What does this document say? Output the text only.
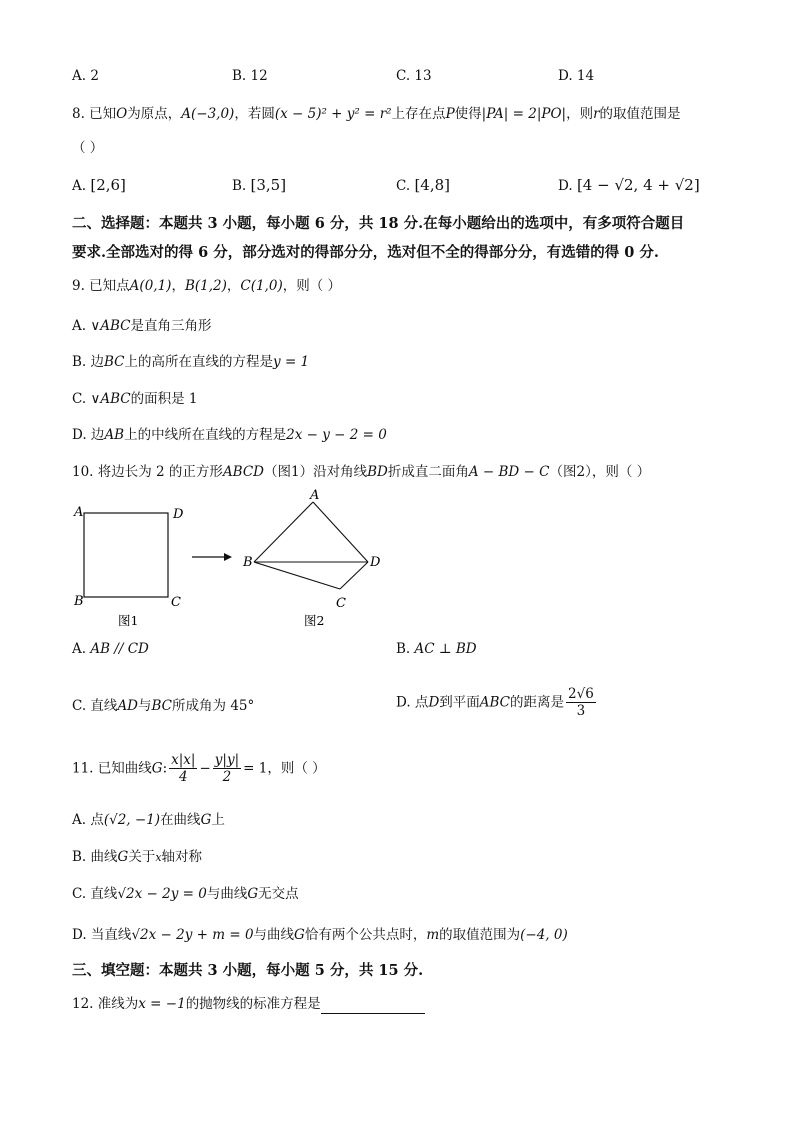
A. 2	B. 12	C. 13	D. 14
8. 已知O为原点，A(−3,0)，若圆(x − 5)² + y² = r²上存在点P使得|PA| = 2|PO|，则r的取值范围是
（ ）
A. [2,6]	B. [3,5]	C. [4,8]	D. [4 − √2, 4 + √2]
二、选择题：本题共 3 小题，每小题 6 分，共 18 分.在每小题给出的选项中，有多项符合题目
要求.全部选对的得 6 分，部分选对的得部分分，选对但不全的得部分分，有选错的得 0 分.
9. 已知点A(0,1)，B(1,2)，C(1,0)，则（ ）
A. ∨ABC是直角三角形
B. 边BC上的高所在直线的方程是y = 1
C. ∨ABC的面积是 1
D. 边AB上的中线所在直线的方程是2x − y − 2 = 0
10. 将边长为 2 的正方形ABCD（图1）沿对角线BD折成直二面角A − BD − C（图2），则（ ）
A	D
B	C
图1
A
B	D
C
图2
A. AB // CD	B. AC ⊥ BD
C. 直线AD与BC所成角为 45°	D. 点D到平面ABC的距离是 $\frac{2√6}{3}$
11. 已知曲线G: $\frac{x|x|}{4} - \frac{y|y|}{2} = 1$，则（ ）
A. 点(√2, −1)在曲线G上
B. 曲线G关于x轴对称
C. 直线√2x − 2y = 0与曲线G无交点
D. 当直线√2x − 2y + m = 0与曲线G恰有两个公共点时，m的取值范围为(−4, 0)
三、填空题：本题共 3 小题，每小题 5 分，共 15 分.
12. 准线为x = −1的抛物线的标准方程是
